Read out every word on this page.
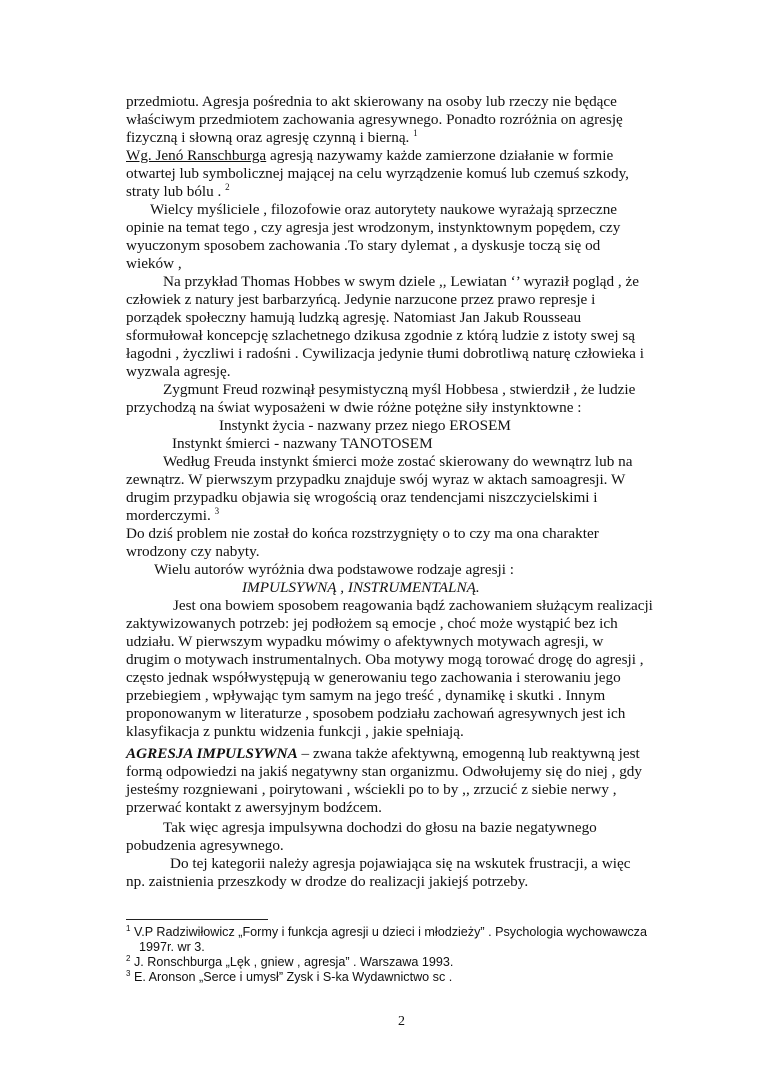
przedmiotu. Agresja pośrednia to akt skierowany na osoby lub rzeczy nie będące
właściwym przedmiotem zachowania agresywnego. Ponadto rozróżnia on agresję
fizyczną i słowną oraz agresję czynną i bierną. $^1$
Wg. Jenó Ranschburga agresją nazywamy każde zamierzone działanie w formie
otwartej lub symbolicznej mającej na celu wyrządzenie komuś lub czemuś szkody,
straty lub bólu . $^2$
Wielcy myśliciele , filozofowie oraz autorytety naukowe wyrażają sprzeczne
opinie na temat tego , czy agresja jest wrodzonym, instynktownym popędem, czy
wyuczonym sposobem zachowania .To stary dylemat , a dyskusje toczą się od
wieków ,
Na przykład Thomas Hobbes w swym dziele ,, Lewiatan ‘’ wyraził pogląd , że
człowiek z natury jest barbarzyńcą. Jedynie narzucone przez prawo represje i
porządek społeczny hamują ludzką agresję. Natomiast Jan Jakub Rousseau
sformułował koncepcję szlachetnego dzikusa zgodnie z którą ludzie z istoty swej są
łagodni , życzliwi i radośni . Cywilizacja jedynie tłumi dobrotliwą naturę człowieka i
wyzwala agresję.
Zygmunt Freud rozwinął pesymistyczną myśl Hobbesa , stwierdził , że ludzie
przychodzą na świat wyposażeni w dwie różne potężne siły instynktowne :
Instynkt życia - nazwany przez niego EROSEM
Instynkt śmierci - nazwany TANOTOSEM
Według Freuda instynkt śmierci może zostać skierowany do wewnątrz lub na
zewnątrz. W pierwszym przypadku znajduje swój wyraz w aktach samoagresji. W
drugim przypadku objawia się wrogością oraz tendencjami niszczycielskimi i
morderczymi. $^3$
Do dziś problem nie został do końca rozstrzygnięty o to czy ma ona charakter
wrodzony czy nabyty.
Wielu autorów wyróżnia dwa podstawowe rodzaje agresji :
IMPULSYWNĄ , INSTRUMENTALNĄ.
Jest ona bowiem sposobem reagowania bądź zachowaniem służącym realizacji
zaktywizowanych potrzeb: jej podłożem są emocje , choć może wystąpić bez ich
udziału. W pierwszym wypadku mówimy o afektywnych motywach agresji, w
drugim o motywach instrumentalnych. Oba motywy mogą torować drogę do agresji ,
często jednak współwystępują w generowaniu tego zachowania i sterowaniu jego
przebiegiem , wpływając tym samym na jego treść , dynamikę i skutki . Innym
proponowanym w literaturze , sposobem podziału zachowań agresywnych jest ich
klasyfikacja z punktu widzenia funkcji , jakie spełniają.
AGRESJA IMPULSYWNA – zwana także afektywną, emogenną lub reaktywną jest
formą odpowiedzi na jakiś negatywny stan organizmu. Odwołujemy się do niej , gdy
jesteśmy rozgniewani , poirytowani , wściekli po to by ,, zrzucić z siebie nerwy ,
przerwać kontakt z awersyjnym bodźcem.
Tak więc agresja impulsywna dochodzi do głosu na bazie negatywnego
pobudzenia agresywnego.
Do tej kategorii należy agresja pojawiająca się na wskutek frustracji, a więc
np. zaistnienia przeszkody w drodze do realizacji jakiejś potrzeby.
$^1$ V.P Radziwiłowicz „Formy i funkcja agresji u dzieci i młodzieży” . Psychologia wychowawcza
1997r. wr 3.
$^2$ J. Ronschburga „Lęk , gniew , agresja” . Warszawa 1993.
$^3$ E. Aronson „Serce i umysł” Zysk i S-ka Wydawnictwo sc .
2
